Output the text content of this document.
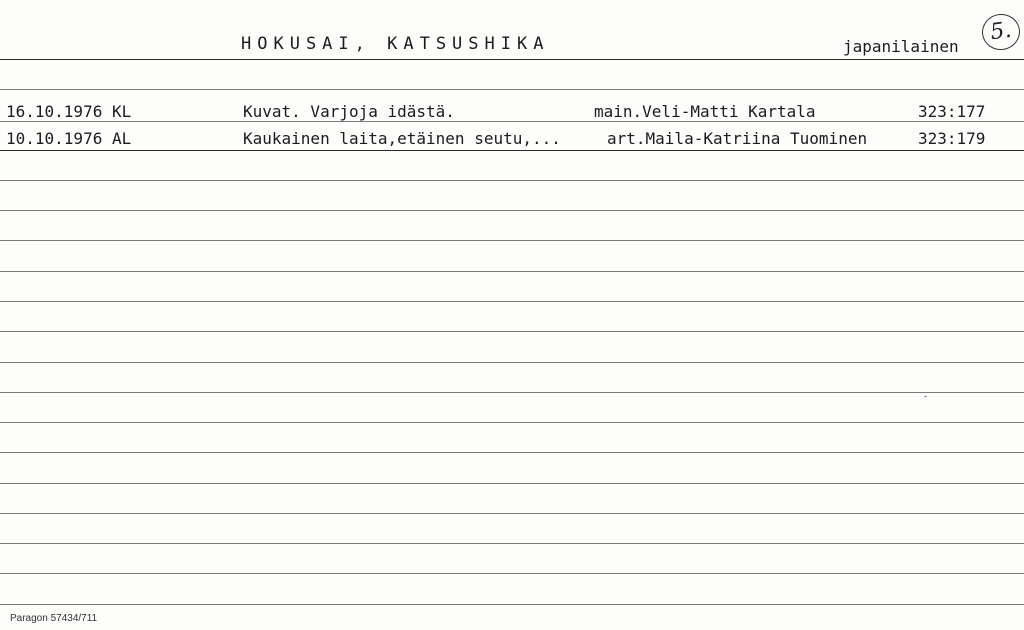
HOKUSAI, KATSUSHIKA	japanilainen
5.
16.10.1976 KL	Kuvat. Varjoja idästä.	main.Veli-Matti Kartala	323:177
10.10.1976 AL	Kaukainen laita,etäinen seutu,...	art.Maila-Katriina Tuominen	323:179
Paragon 57434/711
